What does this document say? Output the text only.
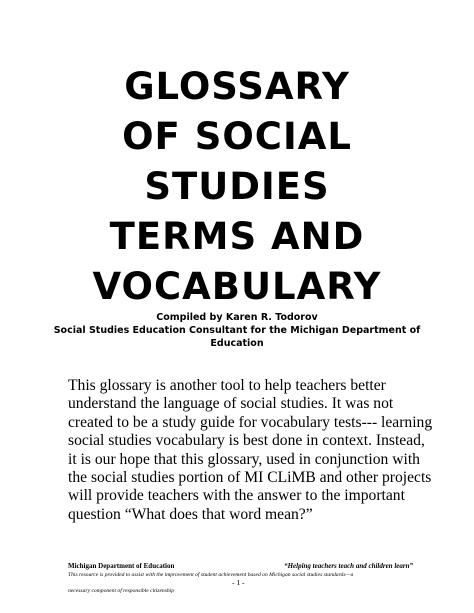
GLOSSARY
OF SOCIAL
STUDIES
TERMS AND
VOCABULARY
Compiled by Karen R. Todorov
Social Studies Education Consultant for the Michigan Department of
Education
This glossary is another tool to help teachers better
understand the language of social studies. It was not
created to be a study guide for vocabulary tests--- learning
social studies vocabulary is best done in context. Instead,
it is our hope that this glossary, used in conjunction with
the social studies portion of MI CLiMB and other projects
will provide teachers with the answer to the important
question “What does that word mean?”
Michigan Department of Education	“Helping teachers teach and children learn”
This resource is provided to assist with the improvement of student achievement based on Michigan social studies standards—a
necessary component of responsible citizenship
- 1 -
